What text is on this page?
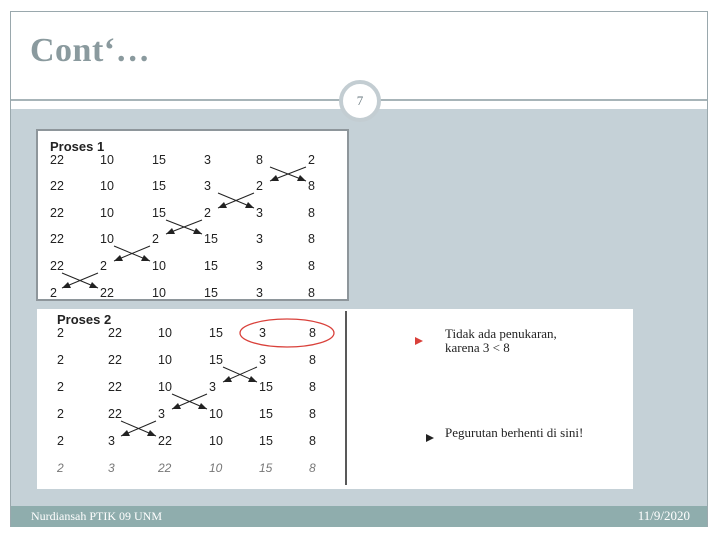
Cont‘…
7
Proses 1
22	10	15	3	8	2
22	10	15	3	2	8
22	10	15	2	3	8
22	10	2	15	3	8
22	2	10	15	3	8
2	22	10	15	3	8
Proses 2
2	22	10	15	3	8
2	22	10	15	3	8
2	22	10	3	15	8
2	22	3	10	15	8
2	3	22	10	15	8
2	3	22	10	15	8
Tidak ada penukaran,
karena 3 < 8
Pegurutan berhenti di sini!
Nurdiansah PTIK 09 UNM	11/9/2020
